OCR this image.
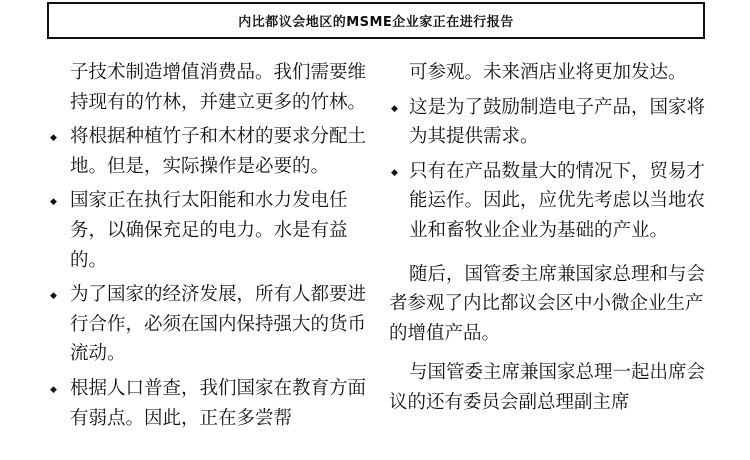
内比都议会地区的MSME企业家正在进行报告

子技术制造增值消费品。我们需要维持现有的竹林，并建立更多的竹林。

◆ 将根据种植竹子和木材的要求分配土地。但是，实际操作是必要的。
◆ 国家正在执行太阳能和水力发电任务，以确保充足的电力。水是有益的。
◆ 为了国家的经济发展，所有人都要进行合作，必须在国内保持强大的货币流动。
◆ 根据人口普查，我们国家在教育方面有弱点。因此，正在多尝帮

可参观。未来酒店业将更加发达。

◆ 这是为了鼓励制造电子产品，国家将为其提供需求。
◆ 只有在产品数量大的情况下，贸易才能运作。因此，应优先考虑以当地农业和畜牧业企业为基础的产业。

随后，国管委主席兼国家总理和与会者参观了内比都议会区中小微企业生产的增值产品。

与国管委主席兼国家总理一起出席会议的还有委员会副总理副主席
